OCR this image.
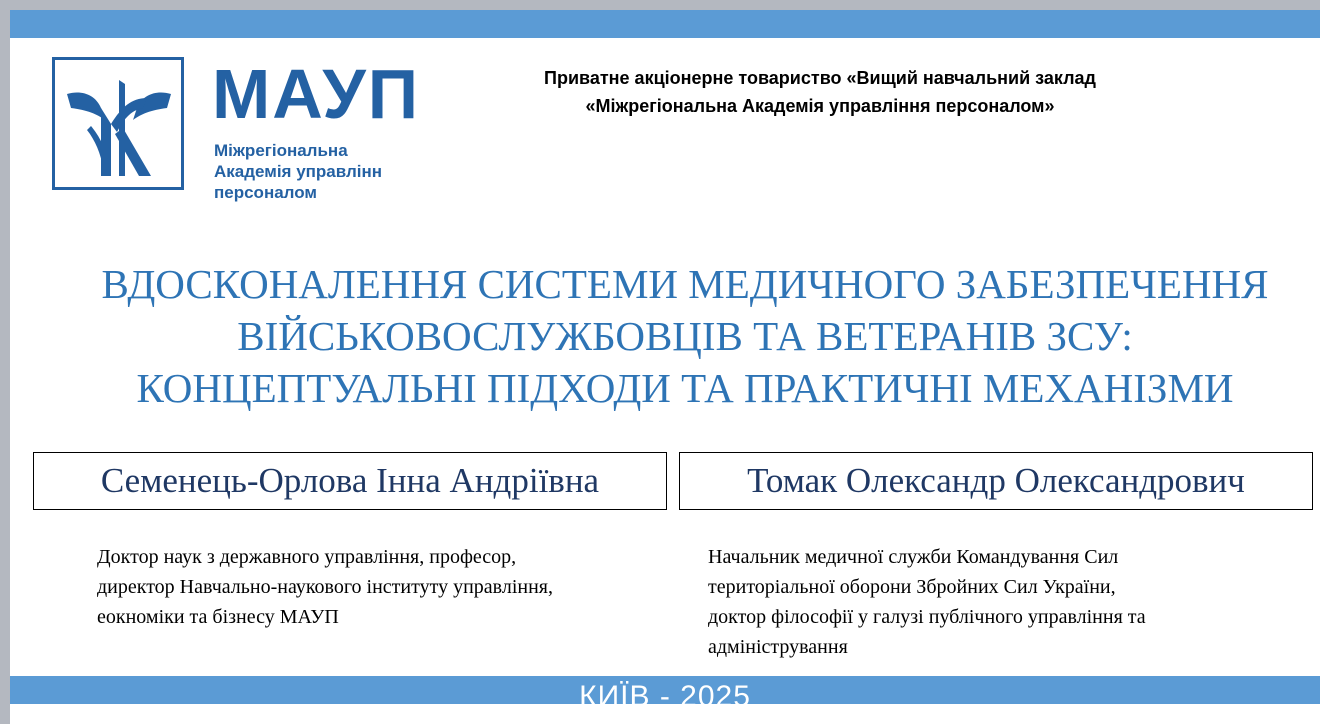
МАУП
Міжрегіональна
Академія управлінн
персоналом
Приватне акціонерне товариство «Вищий навчальний заклад
«Міжрегіональна Академія управління персоналом»
ВДОСКОНАЛЕННЯ СИСТЕМИ МЕДИЧНОГО ЗАБЕЗПЕЧЕННЯ
ВІЙСЬКОВОСЛУЖБОВЦІВ ТА ВЕТЕРАНІВ ЗСУ:
КОНЦЕПТУАЛЬНІ ПІДХОДИ ТА ПРАКТИЧНІ МЕХАНІЗМИ
Семенець-Орлова Інна Андріївна	Томак Олександр Олександрович
Доктор наук з державного управління, професор,
директор Навчально-наукового інституту управління,
еокноміки та бізнесу МАУП
Начальник медичної служби Командування Сил
територіальної оборони Збройних Сил України,
доктор філософії у галузі публічного управління та
адміністрування
КИЇВ - 2025
